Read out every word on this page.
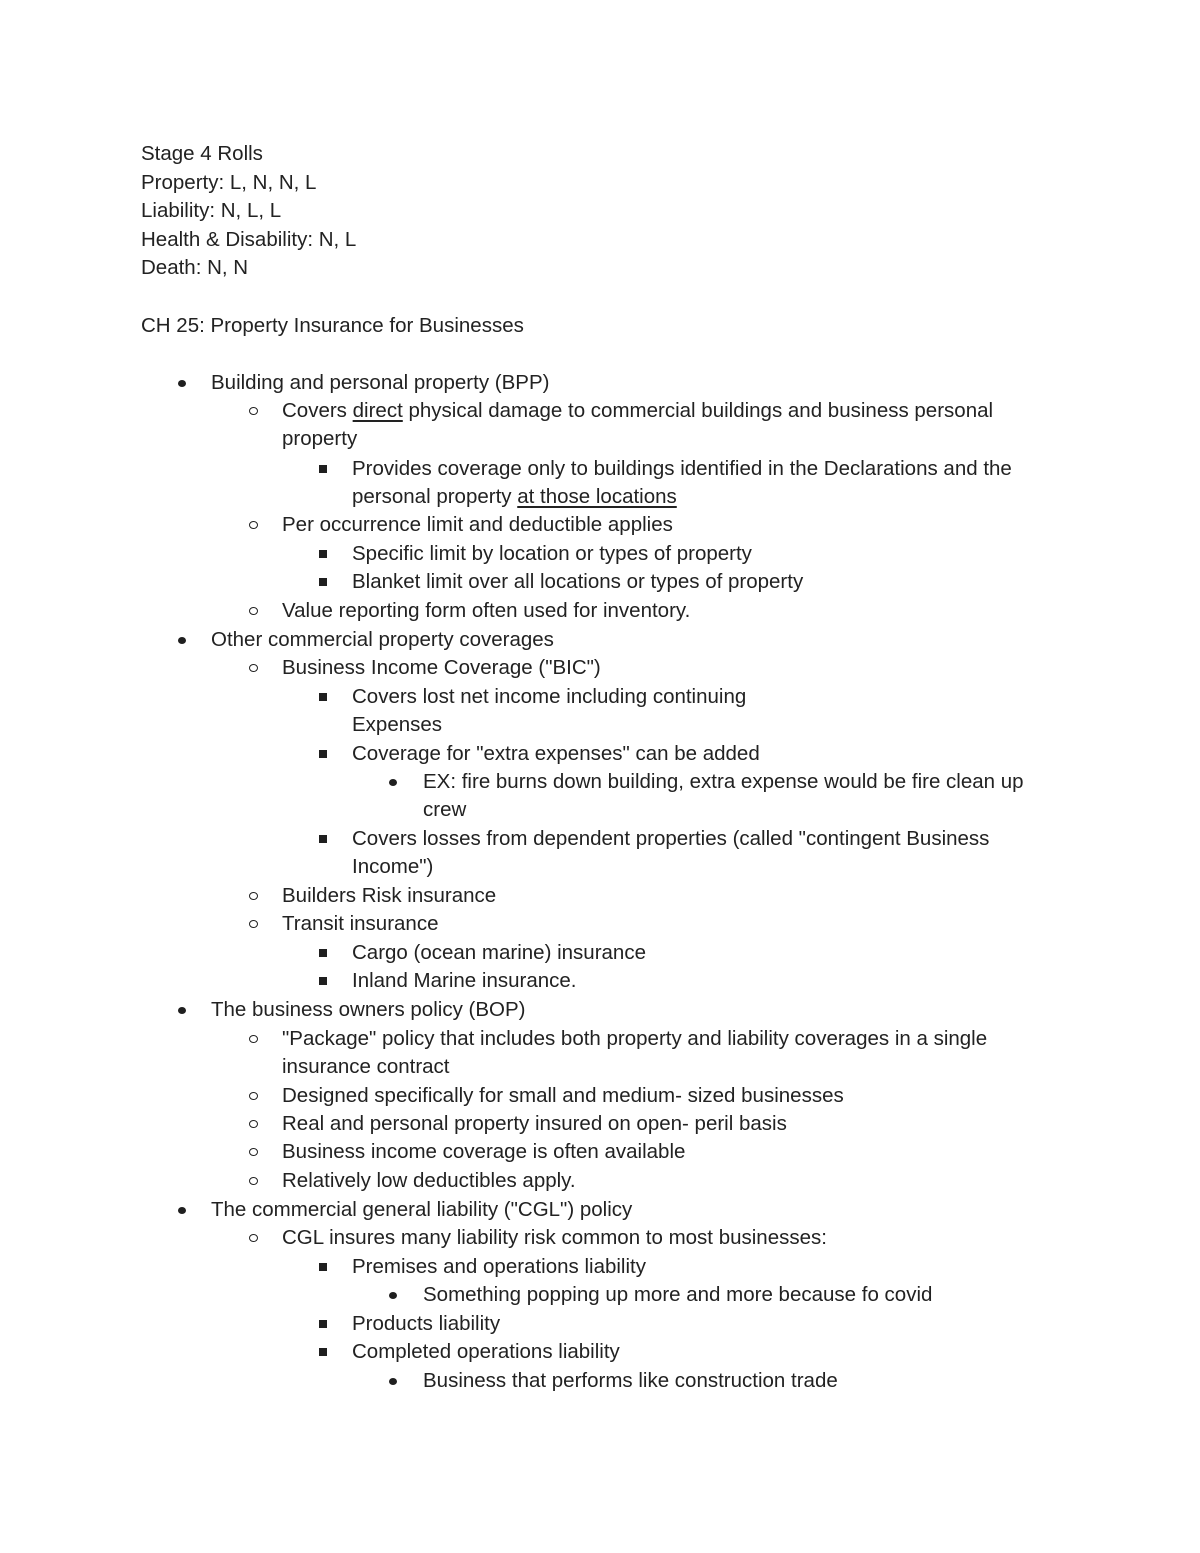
Stage 4 Rolls
Property: L, N, N, L
Liability: N, L, L
Health & Disability: N, L
Death: N, N
CH 25: Property Insurance for Businesses
Building and personal property (BPP)
Covers direct physical damage to commercial buildings and business personal
property
Provides coverage only to buildings identified in the Declarations and the
personal property at those locations
Per occurrence limit and deductible applies
Specific limit by location or types of property
Blanket limit over all locations or types of property
Value reporting form often used for inventory.
Other commercial property coverages
Business Income Coverage ("BIC")
Covers lost net income including continuing
Expenses
Coverage for "extra expenses" can be added
EX: fire burns down building, extra expense would be fire clean up
crew
Covers losses from dependent properties (called "contingent Business
Income")
Builders Risk insurance
Transit insurance
Cargo (ocean marine) insurance
Inland Marine insurance.
The business owners policy (BOP)
"Package" policy that includes both property and liability coverages in a single
insurance contract
Designed specifically for small and medium- sized businesses
Real and personal property insured on open- peril basis
Business income coverage is often available
Relatively low deductibles apply.
The commercial general liability ("CGL") policy
CGL insures many liability risk common to most businesses:
Premises and operations liability
Something popping up more and more because fo covid
Products liability
Completed operations liability
Business that performs like construction trade
